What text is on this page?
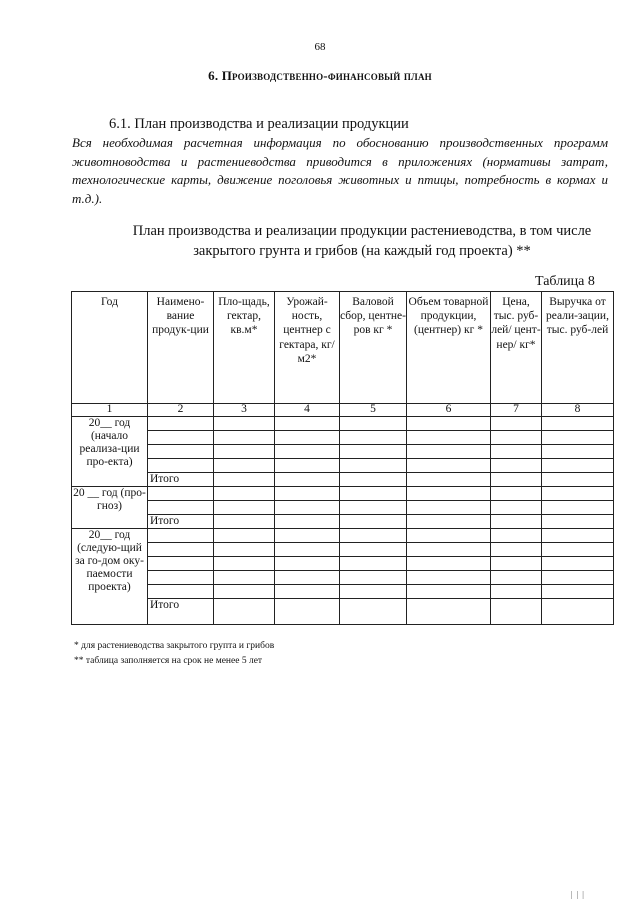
68
6. Производственно-финансовый план
6.1. План производства и реализации продукции
Вся необходимая расчетная информация по обоснованию производственных программ животноводства и растениеводства приводится в приложениях (нормативы затрат, технологические карты, движение поголовья животных и птицы, потребность в кормах и т.д.).
План производства и реализации продукции растениеводства, в том числе закрытого грунта и грибов (на каждый год проекта) **
Таблица 8
Год	Наимено-вание продук-ции	Пло-щадь, гектар, кв.м*	Урожай-ность, центнер с гектара, кг/м2*	Валовой сбор, центне-ров кг *	Объем товарной продукции, (центнер) кг *	Цена, тыс. руб-лей/ цент-нер/ кг*	Выручка от реали-зации, тыс. руб-лей
1	2	3	4	5	6	7	8
20__ год (начало реализа-ции про-екта)							

	Итого						
20 __ год (про-гноз)							

	Итого						
20__ год (следую-щий за го-дом оку-паемости проекта)							

	Итого						
* для растениеводства закрытого групта и грибов
** таблица заполняется на срок не менее 5 лет
| | |
